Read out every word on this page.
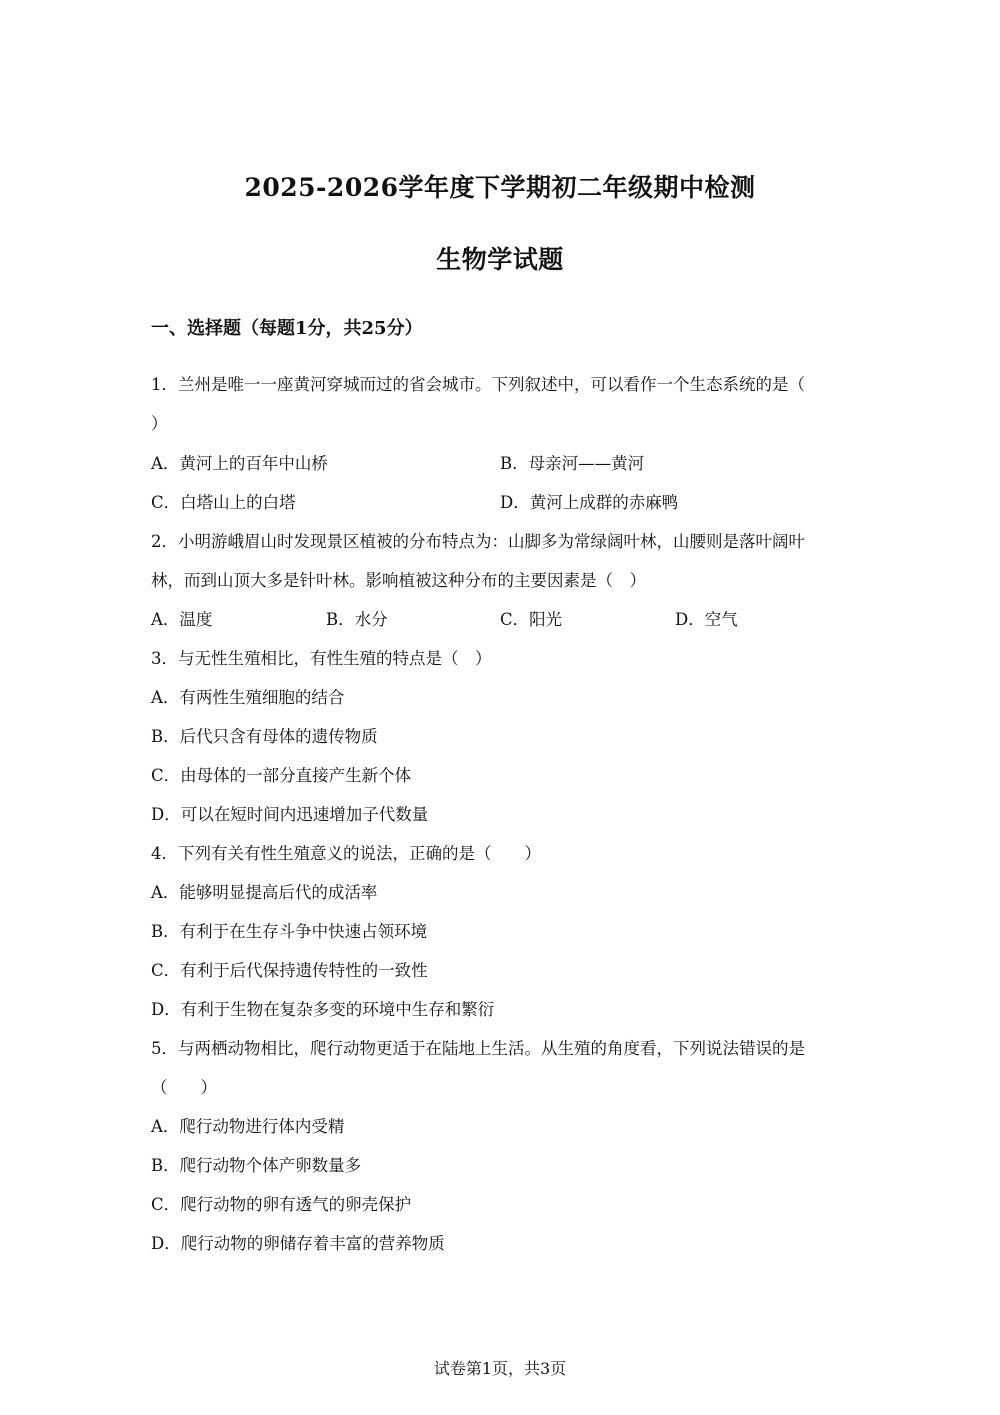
2025-2026学年度下学期初二年级期中检测
生物学试题
一、选择题（每题1分，共25分）
1．兰州是唯一一座黄河穿城而过的省会城市。下列叙述中，可以看作一个生态系统的是（
）
A．黄河上的百年中山桥	B．母亲河——黄河
C．白塔山上的白塔	D．黄河上成群的赤麻鸭
2．小明游峨眉山时发现景区植被的分布特点为：山脚多为常绿阔叶林，山腰则是落叶阔叶
林，而到山顶大多是针叶林。影响植被这种分布的主要因素是（　）
A．温度	B．水分	C．阳光	D．空气
3．与无性生殖相比，有性生殖的特点是（　）
A．有两性生殖细胞的结合
B．后代只含有母体的遗传物质
C．由母体的一部分直接产生新个体
D．可以在短时间内迅速增加子代数量
4．下列有关有性生殖意义的说法，正确的是（　　）
A．能够明显提高后代的成活率
B．有利于在生存斗争中快速占领环境
C．有利于后代保持遗传特性的一致性
D．有利于生物在复杂多变的环境中生存和繁衍
5．与两栖动物相比，爬行动物更适于在陆地上生活。从生殖的角度看，下列说法错误的是
（　　）
A．爬行动物进行体内受精
B．爬行动物个体产卵数量多
C．爬行动物的卵有透气的卵壳保护
D．爬行动物的卵储存着丰富的营养物质
试卷第1页，共3页
